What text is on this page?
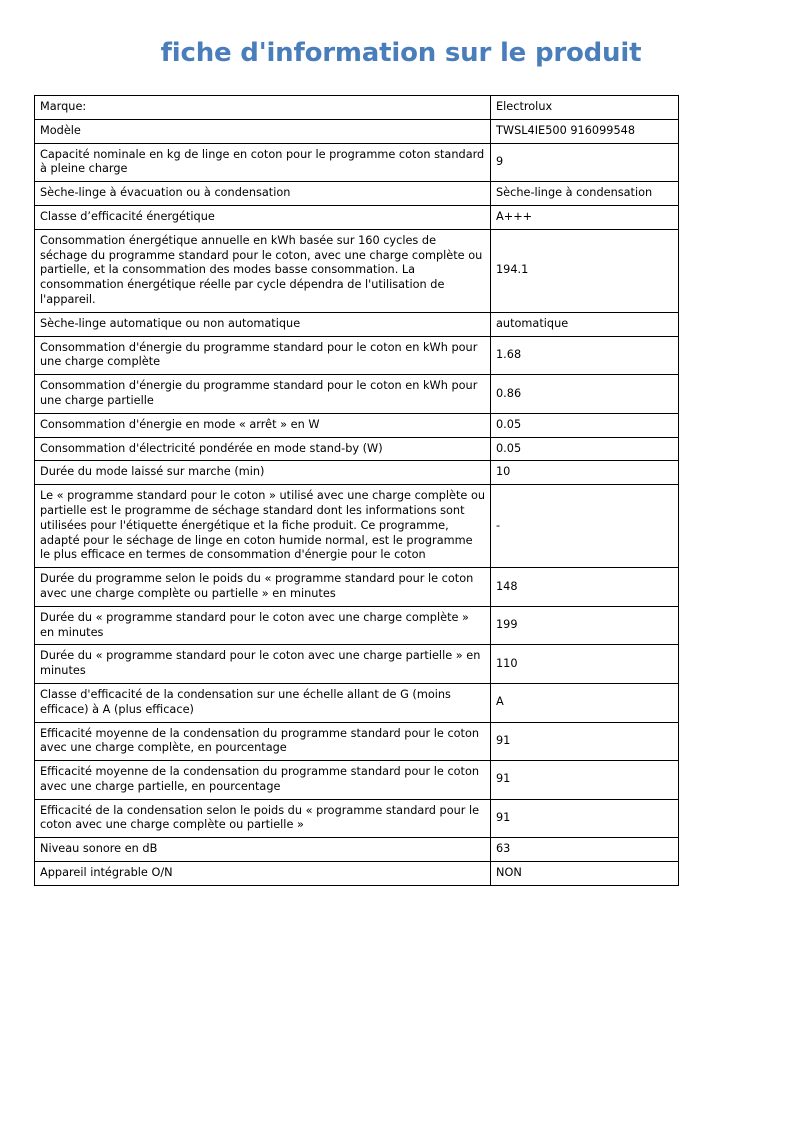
fiche d'information sur le produit
Marque:	Electrolux
Modèle	TWSL4IE500 916099548
Capacité nominale en kg de linge en coton pour le programme coton standard à pleine charge	9
Sèche-linge à évacuation ou à condensation	Sèche-linge à condensation
Classe d’efficacité énergétique	A+++
Consommation énergétique annuelle en kWh basée sur 160 cycles de séchage du programme standard pour le coton, avec une charge complète ou partielle, et la consommation des modes basse consommation. La consommation énergétique réelle par cycle dépendra de l'utilisation de l'appareil.	194.1
Sèche-linge automatique ou non automatique	automatique
Consommation d'énergie du programme standard pour le coton en kWh pour une charge complète	1.68
Consommation d'énergie du programme standard pour le coton en kWh pour une charge partielle	0.86
Consommation d'énergie en mode « arrêt » en W	0.05
Consommation d'électricité pondérée en mode stand-by (W)	0.05
Durée du mode laissé sur marche (min)	10
Le « programme standard pour le coton » utilisé avec une charge complète ou partielle est le programme de séchage standard dont les informations sont utilisées pour l'étiquette énergétique et la fiche produit. Ce programme, adapté pour le séchage de linge en coton humide normal, est le programme le plus efficace en termes de consommation d'énergie pour le coton	-
Durée du programme selon le poids du « programme standard pour le coton avec une charge complète ou partielle » en minutes	148
Durée du « programme standard pour le coton avec une charge complète » en minutes	199
Durée du « programme standard pour le coton avec une charge partielle » en minutes	110
Classe d'efficacité de la condensation sur une échelle allant de G (moins efficace) à A (plus efficace)	A
Efficacité moyenne de la condensation du programme standard pour le coton avec une charge complète, en pourcentage	91
Efficacité moyenne de la condensation du programme standard pour le coton avec une charge partielle, en pourcentage	91
Efficacité de la condensation selon le poids du « programme standard pour le coton avec une charge complète ou partielle »	91
Niveau sonore en dB	63
Appareil intégrable O/N	NON
